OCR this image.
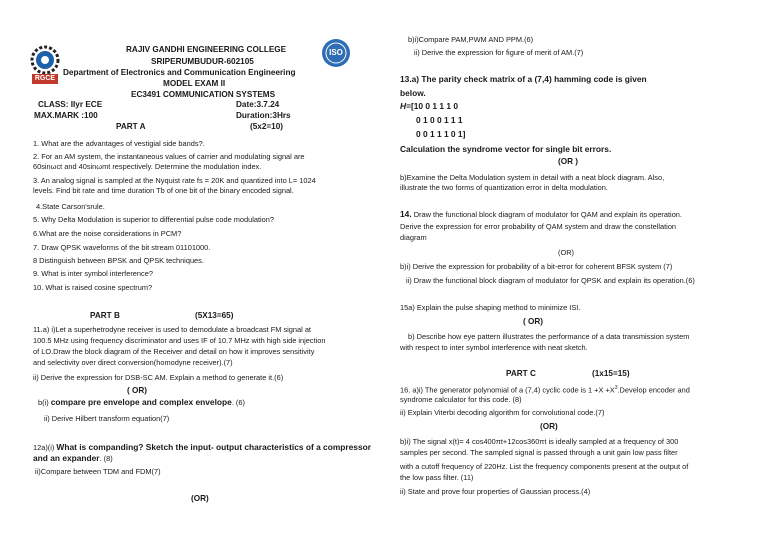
RGCE
ISO
RAJIV GANDHI ENGINEERING COLLEGE
SRIPERUMBUDUR-602105
Department of Electronics and Communication Engineering
MODEL EXAM II
EC3491 COMMUNICATION SYSTEMS
CLASS: IIyr ECE	Date:3.7.24
MAX.MARK :100	Duration:3Hrs
PART A	(5x2=10)
1. What are the advantages of vestigial side bands?.
2. For an AM system, the instantaneous values of carrier and modulating signal are
60sinωct and 40sinωmt respectively. Determine the modulation index.
3. An analog signal is sampled at the Nyquist rate fs = 20K and quantized into L= 1024
levels. Find bit rate and time duration Tb of one bit of the binary encoded signal.
4.State Carson'srule.
5. Why Delta Modulation is superior to differential pulse code modulation?
6.What are the noise considerations in PCM?
7. Draw QPSK waveforms of the bit stream 01101000.
8 Distinguish between BPSK and QPSK techniques.
9. What is inter symbol interference?
10. What is raised cosine spectrum?
PART B	(5X13=65)
11.a) i)Let a superhetrodyne receiver is used to demodulate a broadcast FM signal at
100.5 MHz using frequency discriminator and uses IF of 10.7 MHz with high side injection
of LO.Draw the block diagram of the Receiver and detail on how it improves sensitivity
and selectivity over direct conversion(homodyne receiver).(7)
ii) Derive the expression for DSB-SC AM. Explain a method to generate it.(6)
( OR)
b(i) compare pre envelope and complex envelope. (6)
ii) Derive Hilbert transform equation(7)
12a)(i) What is companding? Sketch the input- output characteristics of a compressor
and an expander. (8)
ii)Compare between TDM and FDM(7)
(OR)
b)i)Compare PAM,PWM AND PPM.(6)
ii) Derive the expression for figure of merit of AM.(7)
13.a) The parity check matrix of a (7,4) hamming code is given
below.
H=[10 0 1 1 1 0
0 1 0 0 1 1 1
0 0 1 1 1 0 1]
Calculation the syndrome vector for single bit errors.
(OR )
b)Examine the Delta Modulation system in detail with a neat block diagram. Also,
illustrate the two forms of quantization error in delta modulation.
14. Draw the functional block diagram of modulator for QAM and explain its operation.
Derive the expression for error probability of QAM system and draw the constellation
diagram
(OR)
b)i) Derive the expression for probability of a bit-error for coherent BFSK system (7)
ii) Draw the functional block diagram of modulator for QPSK and explain its operation.(6)
15a) Explain the pulse shaping method to minimize ISI.
( OR)
b) Describe how eye pattern illustrates the performance of a data transmission system
with respect to inter symbol interference with neat sketch.
PART C	(1x15=15)
16. a)i) The generator polynomial of a (7,4) cyclic code is $1 +X +X^3.Develop$ encoder and
syndrome calculator for this code. (8)
ii) Explain Viterbi decoding algorithm for convolutional code.(7)
(OR)
b)i) The signal x(t)= 4 cos400πt+12cos360πt is ideally sampled at a frequency of 300
samples per second. The sampled signal is passed through a unit gain low pass filter
with a cutoff frequency of 220Hz. List the frequency components present at the output of
the low pass filter. (11)
ii) State and prove four properties of Gaussian process.(4)
